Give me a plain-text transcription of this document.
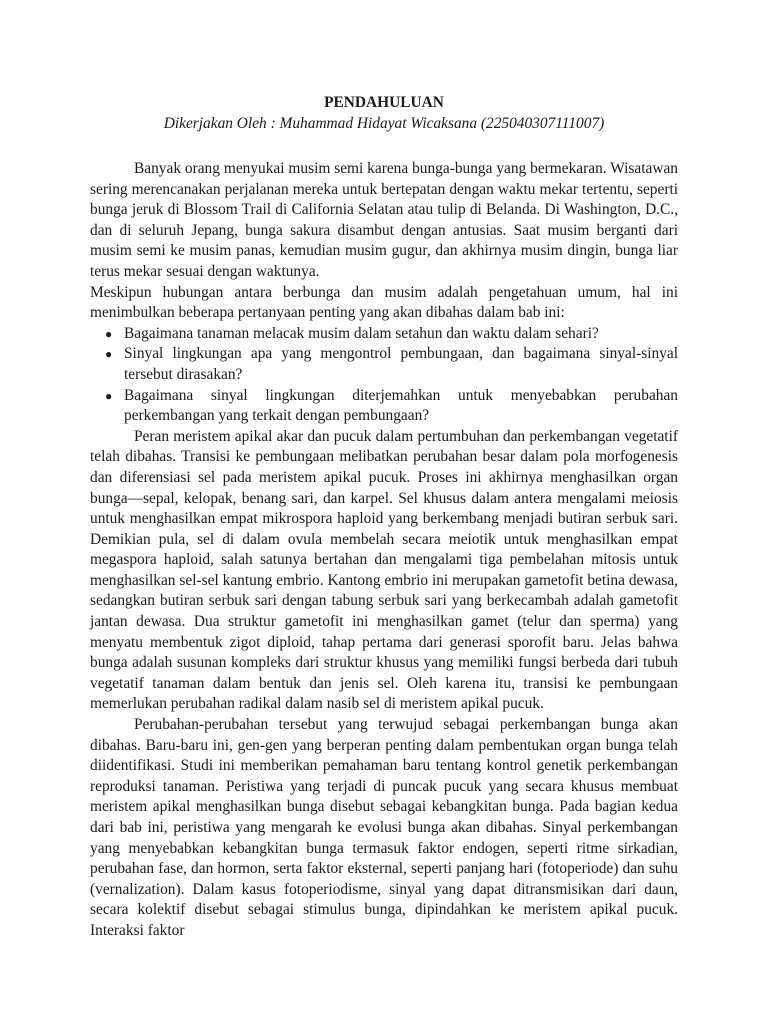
PENDAHULUAN

Dikerjakan Oleh : Muhammad Hidayat Wicaksana (225040307111007)

Banyak orang menyukai musim semi karena bunga-bunga yang bermekaran. Wisatawan sering merencanakan perjalanan mereka untuk bertepatan dengan waktu mekar tertentu, seperti bunga jeruk di Blossom Trail di California Selatan atau tulip di Belanda. Di Washington, D.C., dan di seluruh Jepang, bunga sakura disambut dengan antusias. Saat musim berganti dari musim semi ke musim panas, kemudian musim gugur, dan akhirnya musim dingin, bunga liar terus mekar sesuai dengan waktunya.

Meskipun hubungan antara berbunga dan musim adalah pengetahuan umum, hal ini menimbulkan beberapa pertanyaan penting yang akan dibahas dalam bab ini:

● Bagaimana tanaman melacak musim dalam setahun dan waktu dalam sehari?
● Sinyal lingkungan apa yang mengontrol pembungaan, dan bagaimana sinyal-sinyal tersebut dirasakan?
● Bagaimana sinyal lingkungan diterjemahkan untuk menyebabkan perubahan perkembangan yang terkait dengan pembungaan?

Peran meristem apikal akar dan pucuk dalam pertumbuhan dan perkembangan vegetatif telah dibahas. Transisi ke pembungaan melibatkan perubahan besar dalam pola morfogenesis dan diferensiasi sel pada meristem apikal pucuk. Proses ini akhirnya menghasilkan organ bunga—sepal, kelopak, benang sari, dan karpel. Sel khusus dalam antera mengalami meiosis untuk menghasilkan empat mikrospora haploid yang berkembang menjadi butiran serbuk sari. Demikian pula, sel di dalam ovula membelah secara meiotik untuk menghasilkan empat megaspora haploid, salah satunya bertahan dan mengalami tiga pembelahan mitosis untuk menghasilkan sel-sel kantung embrio. Kantong embrio ini merupakan gametofit betina dewasa, sedangkan butiran serbuk sari dengan tabung serbuk sari yang berkecambah adalah gametofit jantan dewasa. Dua struktur gametofit ini menghasilkan gamet (telur dan sperma) yang menyatu membentuk zigot diploid, tahap pertama dari generasi sporofit baru. Jelas bahwa bunga adalah susunan kompleks dari struktur khusus yang memiliki fungsi berbeda dari tubuh vegetatif tanaman dalam bentuk dan jenis sel. Oleh karena itu, transisi ke pembungaan memerlukan perubahan radikal dalam nasib sel di meristem apikal pucuk.

Perubahan-perubahan tersebut yang terwujud sebagai perkembangan bunga akan dibahas. Baru-baru ini, gen-gen yang berperan penting dalam pembentukan organ bunga telah diidentifikasi. Studi ini memberikan pemahaman baru tentang kontrol genetik perkembangan reproduksi tanaman. Peristiwa yang terjadi di puncak pucuk yang secara khusus membuat meristem apikal menghasilkan bunga disebut sebagai kebangkitan bunga. Pada bagian kedua dari bab ini, peristiwa yang mengarah ke evolusi bunga akan dibahas. Sinyal perkembangan yang menyebabkan kebangkitan bunga termasuk faktor endogen, seperti ritme sirkadian, perubahan fase, dan hormon, serta faktor eksternal, seperti panjang hari (fotoperiode) dan suhu (vernalization). Dalam kasus fotoperiodisme, sinyal yang dapat ditransmisikan dari daun, secara kolektif disebut sebagai stimulus bunga, dipindahkan ke meristem apikal pucuk. Interaksi faktor
